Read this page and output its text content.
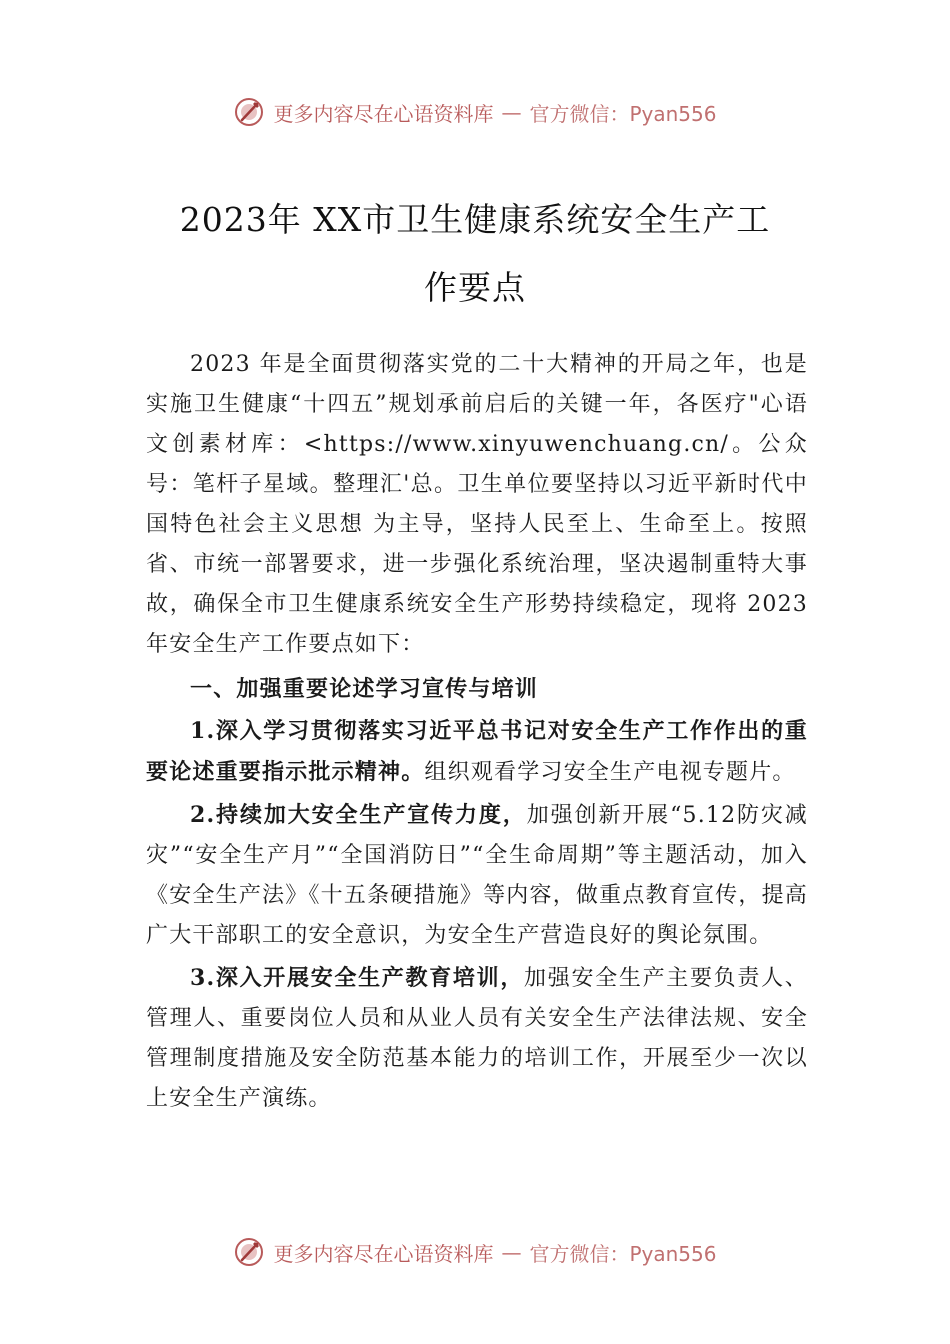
更多内容尽在心语资料库 — 官方微信：Pyan556
2023年 XX市卫生健康系统安全生产工
作要点

2023 年是全面贯彻落实党的二十大精神的开局之年，也是实施卫生健康“十四五”规划承前启后的关键一年，各医疗"心语文创素材库：<https://www.xinyuwenchuang.cn/。公众号：笔杆子星域。整理汇'总。卫生单位要坚持以习近平新时代中国特色社会主义思想 为主导，坚持人民至上、生命至上。按照省、市统一部署要求，进一步强化系统治理，坚决遏制重特大事故，确保全市卫生健康系统安全生产形势持续稳定，现将 2023 年安全生产工作要点如下：

一、加强重要论述学习宣传与培训

1.深入学习贯彻落实习近平总书记对安全生产工作作出的重要论述重要指示批示精神。组织观看学习安全生产电视专题片。

2.持续加大安全生产宣传力度，加强创新开展“5.12防灾减灾”“安全生产月”“全国消防日”“全生命周期”等主题活动，加入《安全生产法》《十五条硬措施》等内容，做重点教育宣传，提高广大干部职工的安全意识，为安全生产营造良好的舆论氛围。

3.深入开展安全生产教育培训，加强安全生产主要负责人、管理人、重要岗位人员和从业人员有关安全生产法律法规、安全管理制度措施及安全防范基本能力的培训工作，开展至少一次以上安全生产演练。

更多内容尽在心语资料库 — 官方微信：Pyan556
